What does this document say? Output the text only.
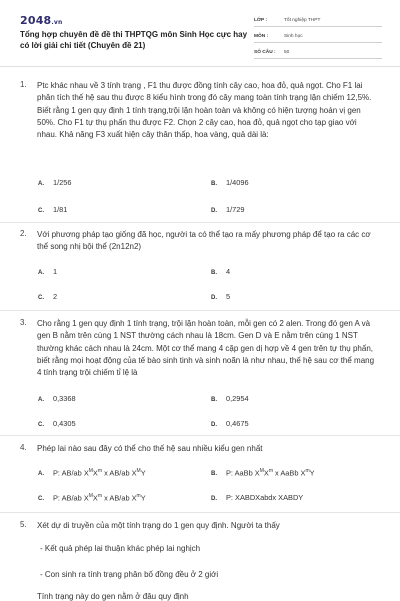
2048.vn
Tổng hợp chuyên đề đề thi THPTQG môn Sinh Học cực hay có lời giải chi tiết (Chuyên đề 21)
LỚP :	Tốt nghiệp THPT
MÔN :	Sinh học
SỐ CÂU :	50
1. Ptc khác nhau về 3 tính trạng , F1 thu được đồng tính cây cao, hoa đỏ, quả ngọt. Cho F1 lai phân tích thế hệ sau thu được 8 kiểu hình trong đó cây mang toàn tính trạng lặn chiếm 12,5%. Biết rằng 1 gen quy định 1 tính trạng,trội lặn hoàn toàn và không có hiện tượng hoán vị gen 50%. Cho F1 tự thụ phấn thu được F2. Chọn 2 cây cao, hoa đỏ, quả ngọt cho tạp giao với nhau. Khả năng F3 xuất hiện cây thân thấp, hoa vàng, quả dài là:
A. 1/256	B. 1/4096
C. 1/81	D. 1/729
2. Với phương pháp tạo giống đã học, người ta có thể tạo ra mấy phương pháp để tạo ra các cơ thể song nhị bội thể (2n12n2)
A. 1	B. 4
C. 2	D. 5
3. Cho rằng 1 gen quy định 1 tính trạng, trội lặn hoàn toàn, mỗi gen có 2 alen. Trong đó gen A và gen B nằm trên cùng 1 NST thường cách nhau là 18cm. Gen D và E nằm trên cùng 1 NST thường khác cách nhau là 24cm. Một cơ thể mang 4 cặp gen dị hợp về 4 gen trên tự thụ phấn, biết rằng mọi hoạt động của tế bào sinh tinh và sinh noãn là như nhau, thế hệ sau cơ thể mang 4 tính trạng trội chiếm tỉ lệ là
A. 0,3368	B. 0,2954
C. 0,4305	D. 0,4675
4. Phép lai nào sau đây có thể cho thế hệ sau nhiều kiểu gen nhất
A. P: AB/ab $X^MX^m$ x AB/ab $X^MY$	B. P: AaBb $X^MX^m$ x AaBb $X^mY$
C. P: AB/ab $X^MX^m$ x AB/ab $X^mY$	D. P: XABDXabdx XABDY
5. Xét dự di truyền của một tính trạng do 1 gen quy định. Người ta thấy
- Kết quả phép lai thuận khác phép lai nghịch
- Con sinh ra tính trạng phân bố đồng đều ở 2 giới
Tính trạng này do gen nằm ở đâu quy định
